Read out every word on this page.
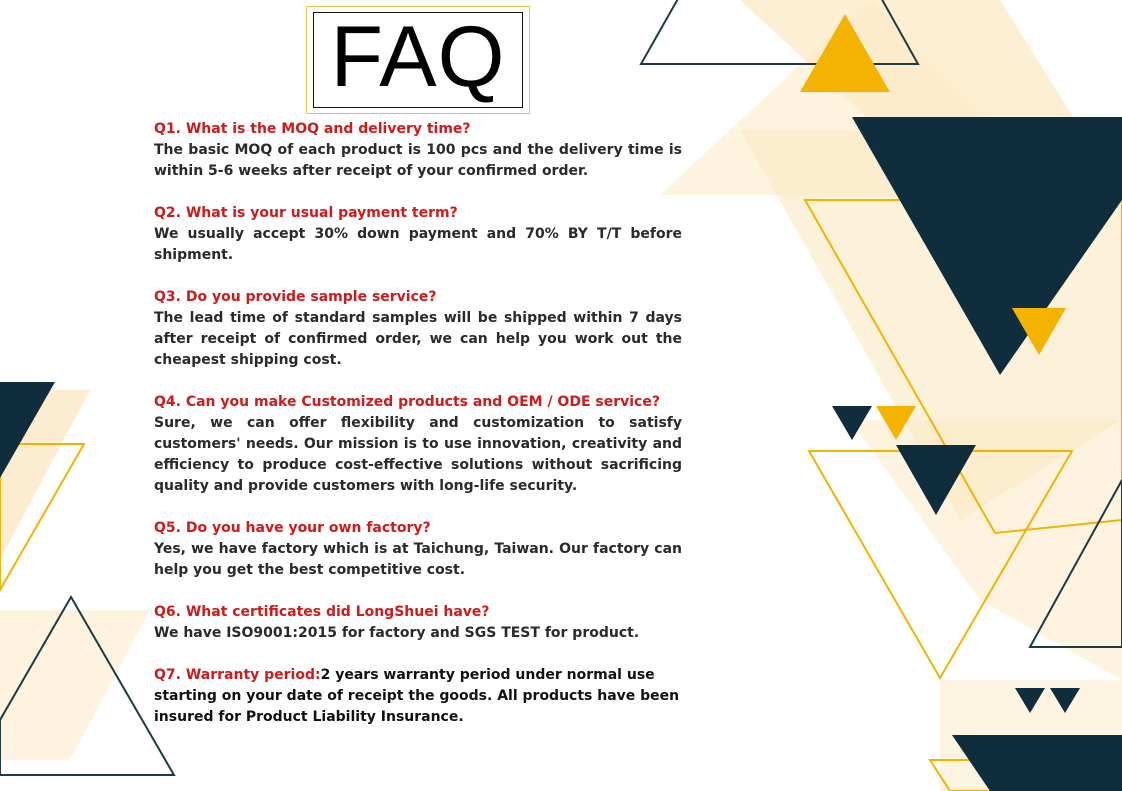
FAQ
Q1. What is the MOQ and delivery time?
The basic MOQ of each product is 100 pcs and the delivery time is within 5-6 weeks after receipt of your confirmed order.
Q2. What is your usual payment term?
We usually accept 30% down payment and 70% BY T/T before shipment.
Q3. Do you provide sample service?
The lead time of standard samples will be shipped within 7 days after receipt of confirmed order, we can help you work out the cheapest shipping cost.
Q4. Can you make Customized products and OEM / ODE service?
Sure, we can offer flexibility and customization to satisfy customers' needs. Our mission is to use innovation, creativity and efficiency to produce cost-effective solutions without sacrificing quality and provide customers with long-life security.
Q5. Do you have your own factory?
Yes, we have factory which is at Taichung, Taiwan. Our factory can help you get the best competitive cost.
Q6. What certificates did LongShuei have?
We have ISO9001:2015 for factory and SGS TEST for product.
Q7. Warranty period:2 years warranty period under normal use starting on your date of receipt the goods. All products have been insured for Product Liability Insurance.
